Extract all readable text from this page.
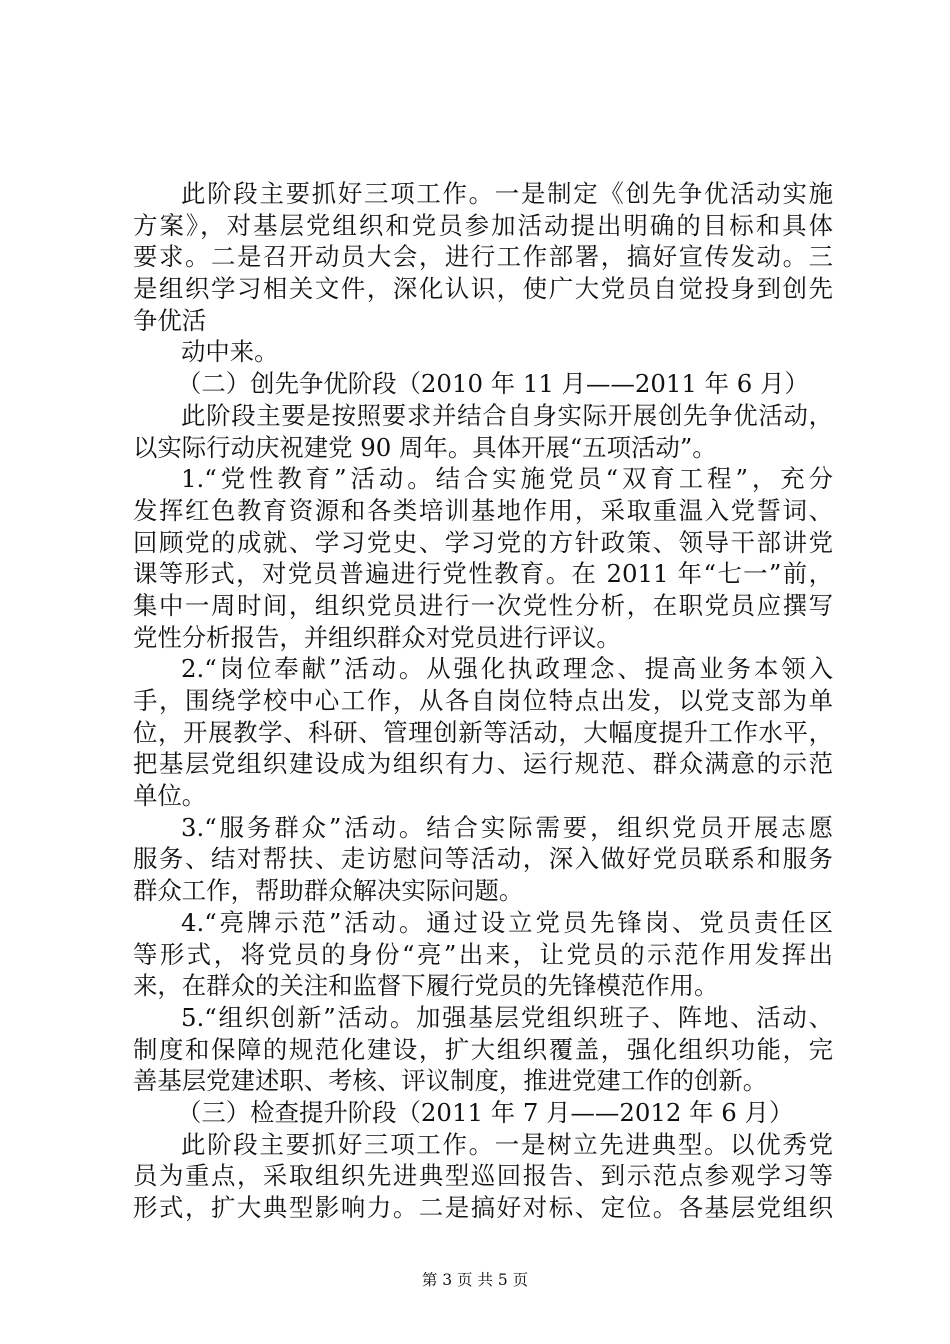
此阶段主要抓好三项工作。一是制定《创先争优活动实施
方案》，对基层党组织和党员参加活动提出明确的目标和具体
要求。二是召开动员大会，进行工作部署，搞好宣传发动。三
是组织学习相关文件，深化认识，使广大党员自觉投身到创先
争优活
动中来。
（二）创先争优阶段（2010 年 11 月——2011 年 6 月）
此阶段主要是按照要求并结合自身实际开展创先争优活动，
以实际行动庆祝建党 90 周年。具体开展“五项活动”。
1.“党性教育”活动。结合实施党员“双育工程”，充分
发挥红色教育资源和各类培训基地作用，采取重温入党誓词、
回顾党的成就、学习党史、学习党的方针政策、领导干部讲党
课等形式，对党员普遍进行党性教育。在 2011 年“七一”前，
集中一周时间，组织党员进行一次党性分析，在职党员应撰写
党性分析报告，并组织群众对党员进行评议。
2.“岗位奉献”活动。从强化执政理念、提高业务本领入
手，围绕学校中心工作，从各自岗位特点出发，以党支部为单
位，开展教学、科研、管理创新等活动，大幅度提升工作水平，
把基层党组织建设成为组织有力、运行规范、群众满意的示范
单位。
3.“服务群众”活动。结合实际需要，组织党员开展志愿
服务、结对帮扶、走访慰问等活动，深入做好党员联系和服务
群众工作，帮助群众解决实际问题。
4.“亮牌示范”活动。通过设立党员先锋岗、党员责任区
等形式，将党员的身份“亮”出来，让党员的示范作用发挥出
来，在群众的关注和监督下履行党员的先锋模范作用。
5.“组织创新”活动。加强基层党组织班子、阵地、活动、
制度和保障的规范化建设，扩大组织覆盖，强化组织功能，完
善基层党建述职、考核、评议制度，推进党建工作的创新。
（三）检查提升阶段（2011 年 7 月——2012 年 6 月）
此阶段主要抓好三项工作。一是树立先进典型。以优秀党
员为重点，采取组织先进典型巡回报告、到示范点参观学习等
形式，扩大典型影响力。二是搞好对标、定位。各基层党组织
第 3 页 共 5 页
